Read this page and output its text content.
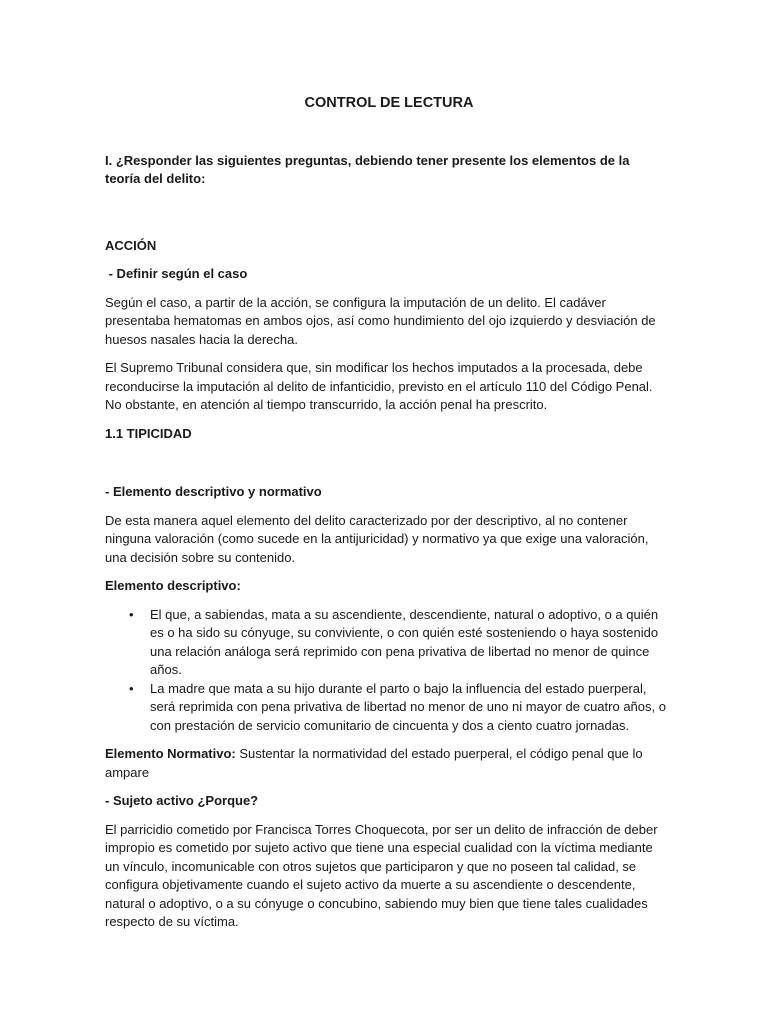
CONTROL DE LECTURA

I. ¿Responder las siguientes preguntas, debiendo tener presente los elementos de la teoría del delito:

ACCIÓN

- Definir según el caso

Según el caso, a partir de la acción, se configura la imputación de un delito. El cadáver presentaba hematomas en ambos ojos, así como hundimiento del ojo izquierdo y desviación de huesos nasales hacia la derecha.

El Supremo Tribunal considera que, sin modificar los hechos imputados a la procesada, debe reconducirse la imputación al delito de infanticidio, previsto en el artículo 110 del Código Penal. No obstante, en atención al tiempo transcurrido, la acción penal ha prescrito.

1.1 TIPICIDAD

- Elemento descriptivo y normativo

De esta manera aquel elemento del delito caracterizado por der descriptivo, al no contener ninguna valoración (como sucede en la antijuricidad) y normativo ya que exige una valoración, una decisión sobre su contenido.

Elemento descriptivo:

• El que, a sabiendas, mata a su ascendiente, descendiente, natural o adoptivo, o a quién es o ha sido su cónyuge, su conviviente, o con quién esté sosteniendo o haya sostenido una relación análoga será reprimido con pena privativa de libertad no menor de quince años.
• La madre que mata a su hijo durante el parto o bajo la influencia del estado puerperal, será reprimida con pena privativa de libertad no menor de uno ni mayor de cuatro años, o con prestación de servicio comunitario de cincuenta y dos a ciento cuatro jornadas.

Elemento Normativo: Sustentar la normatividad del estado puerperal, el código penal que lo ampare

- Sujeto activo ¿Porque?

El parricidio cometido por Francisca Torres Choquecota, por ser un delito de infracción de deber impropio es cometido por sujeto activo que tiene una especial cualidad con la víctima mediante un vínculo, incomunicable con otros sujetos que participaron y que no poseen tal calidad, se configura objetivamente cuando el sujeto activo da muerte a su ascendiente o descendente, natural o adoptivo, o a su cónyuge o concubino, sabiendo muy bien que tiene tales cualidades respecto de su víctima.
